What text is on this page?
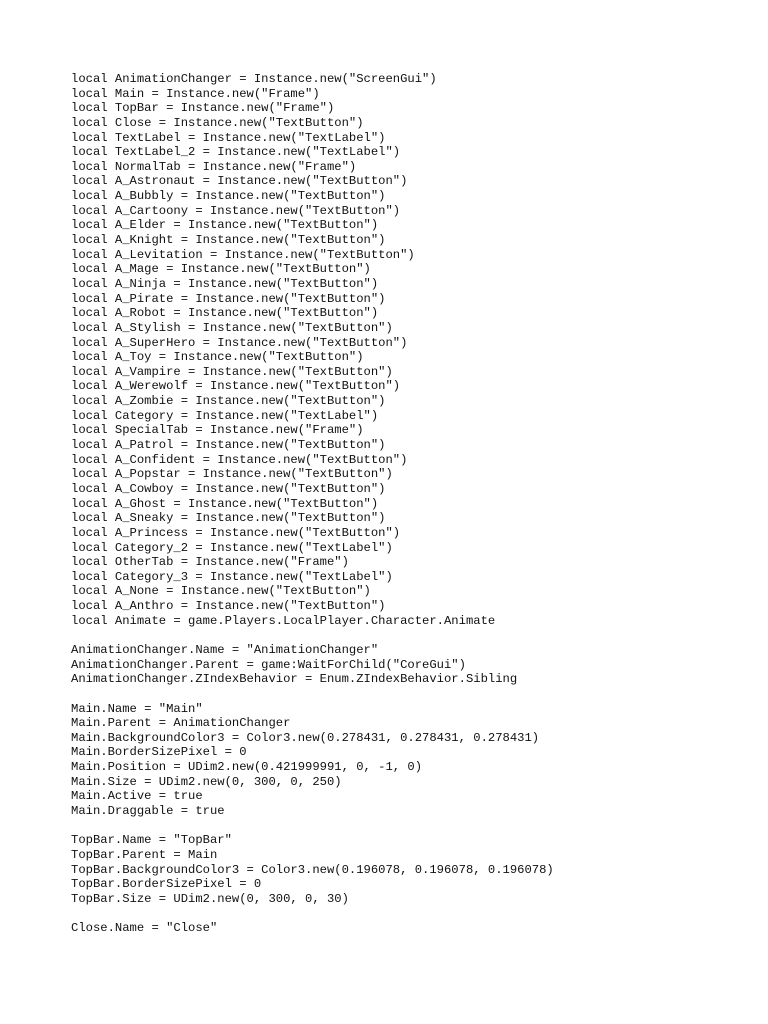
local AnimationChanger = Instance.new("ScreenGui")
local Main = Instance.new("Frame")
local TopBar = Instance.new("Frame")
local Close = Instance.new("TextButton")
local TextLabel = Instance.new("TextLabel")
local TextLabel_2 = Instance.new("TextLabel")
local NormalTab = Instance.new("Frame")
local A_Astronaut = Instance.new("TextButton")
local A_Bubbly = Instance.new("TextButton")
local A_Cartoony = Instance.new("TextButton")
local A_Elder = Instance.new("TextButton")
local A_Knight = Instance.new("TextButton")
local A_Levitation = Instance.new("TextButton")
local A_Mage = Instance.new("TextButton")
local A_Ninja = Instance.new("TextButton")
local A_Pirate = Instance.new("TextButton")
local A_Robot = Instance.new("TextButton")
local A_Stylish = Instance.new("TextButton")
local A_SuperHero = Instance.new("TextButton")
local A_Toy = Instance.new("TextButton")
local A_Vampire = Instance.new("TextButton")
local A_Werewolf = Instance.new("TextButton")
local A_Zombie = Instance.new("TextButton")
local Category = Instance.new("TextLabel")
local SpecialTab = Instance.new("Frame")
local A_Patrol = Instance.new("TextButton")
local A_Confident = Instance.new("TextButton")
local A_Popstar = Instance.new("TextButton")
local A_Cowboy = Instance.new("TextButton")
local A_Ghost = Instance.new("TextButton")
local A_Sneaky = Instance.new("TextButton")
local A_Princess = Instance.new("TextButton")
local Category_2 = Instance.new("TextLabel")
local OtherTab = Instance.new("Frame")
local Category_3 = Instance.new("TextLabel")
local A_None = Instance.new("TextButton")
local A_Anthro = Instance.new("TextButton")
local Animate = game.Players.LocalPlayer.Character.Animate
AnimationChanger.Name = "AnimationChanger"
AnimationChanger.Parent = game:WaitForChild("CoreGui")
AnimationChanger.ZIndexBehavior = Enum.ZIndexBehavior.Sibling
Main.Name = "Main"
Main.Parent = AnimationChanger
Main.BackgroundColor3 = Color3.new(0.278431, 0.278431, 0.278431)
Main.BorderSizePixel = 0
Main.Position = UDim2.new(0.421999991, 0, -1, 0)
Main.Size = UDim2.new(0, 300, 0, 250)
Main.Active = true
Main.Draggable = true
TopBar.Name = "TopBar"
TopBar.Parent = Main
TopBar.BackgroundColor3 = Color3.new(0.196078, 0.196078, 0.196078)
TopBar.BorderSizePixel = 0
TopBar.Size = UDim2.new(0, 300, 0, 30)
Close.Name = "Close"
